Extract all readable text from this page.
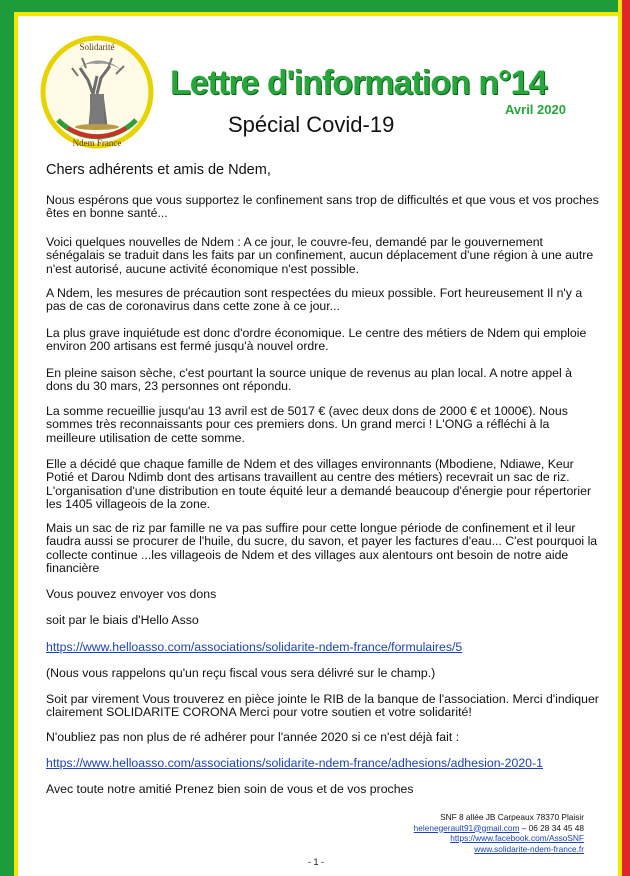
Solidarité
Ndem France
Lettre d'information n°14
Avril 2020
Spécial Covid-19

Chers adhérents et amis de Ndem,

Nous espérons que vous supportez le confinement sans trop de difficultés et que vous et vos proches êtes en bonne santé...

Voici quelques nouvelles de Ndem : A ce jour, le couvre-feu, demandé par le gouvernement sénégalais se traduit dans les faits par un confinement, aucun déplacement d'une région à une autre n'est autorisé, aucune activité économique n'est possible.

A Ndem, les mesures de précaution sont respectées du mieux possible. Fort heureusement Il n'y a pas de cas de coronavirus dans cette zone à ce jour...

La plus grave inquiétude est donc d'ordre économique. Le centre des métiers de Ndem qui emploie environ 200 artisans est fermé jusqu'à nouvel ordre.

En pleine saison sèche, c'est pourtant la source unique de revenus au plan local. A notre appel à dons du 30 mars, 23 personnes ont répondu.

La somme recueillie jusqu'au 13 avril est de 5017 € (avec deux dons de 2000 € et 1000€). Nous sommes très reconnaissants pour ces premiers dons. Un grand merci ! L'ONG a réfléchi à la meilleure utilisation de cette somme.

Elle a décidé que chaque famille de Ndem et des villages environnants (Mbodiene, Ndiawe, Keur Potié et Darou Ndimb dont des artisans travaillent au centre des métiers) recevrait un sac de riz. L'organisation d'une distribution en toute équité leur a demandé beaucoup d'énergie pour répertorier les 1405 villageois de la zone.

Mais un sac de riz par famille ne va pas suffire pour cette longue période de confinement et il leur faudra aussi se procurer de l'huile, du sucre, du savon, et payer les factures d'eau... C'est pourquoi la collecte continue ...les villageois de Ndem et des villages aux alentours ont besoin de notre aide financière

Vous pouvez envoyer vos dons

soit par le biais d'Hello Asso

https://www.helloasso.com/associations/solidarite-ndem-france/formulaires/5

(Nous vous rappelons qu'un reçu fiscal vous sera délivré sur le champ.)

Soit par virement Vous trouverez en pièce jointe le RIB de la banque de l'association. Merci d'indiquer clairement SOLIDARITE CORONA Merci pour votre soutien et votre solidarité!

N'oubliez pas non plus de ré adhérer pour l'année 2020 si ce n'est déjà fait :

https://www.helloasso.com/associations/solidarite-ndem-france/adhesions/adhesion-2020-1

Avec toute notre amitié Prenez bien soin de vous et de vos proches

SNF 8 allée JB Carpeaux 78370 Plaisir
helenegerault91@gmail.com – 06 28 34 45 48
https://www.facebook.com/AssoSNF
www.solidarite-ndem-france.fr
- 1 -
